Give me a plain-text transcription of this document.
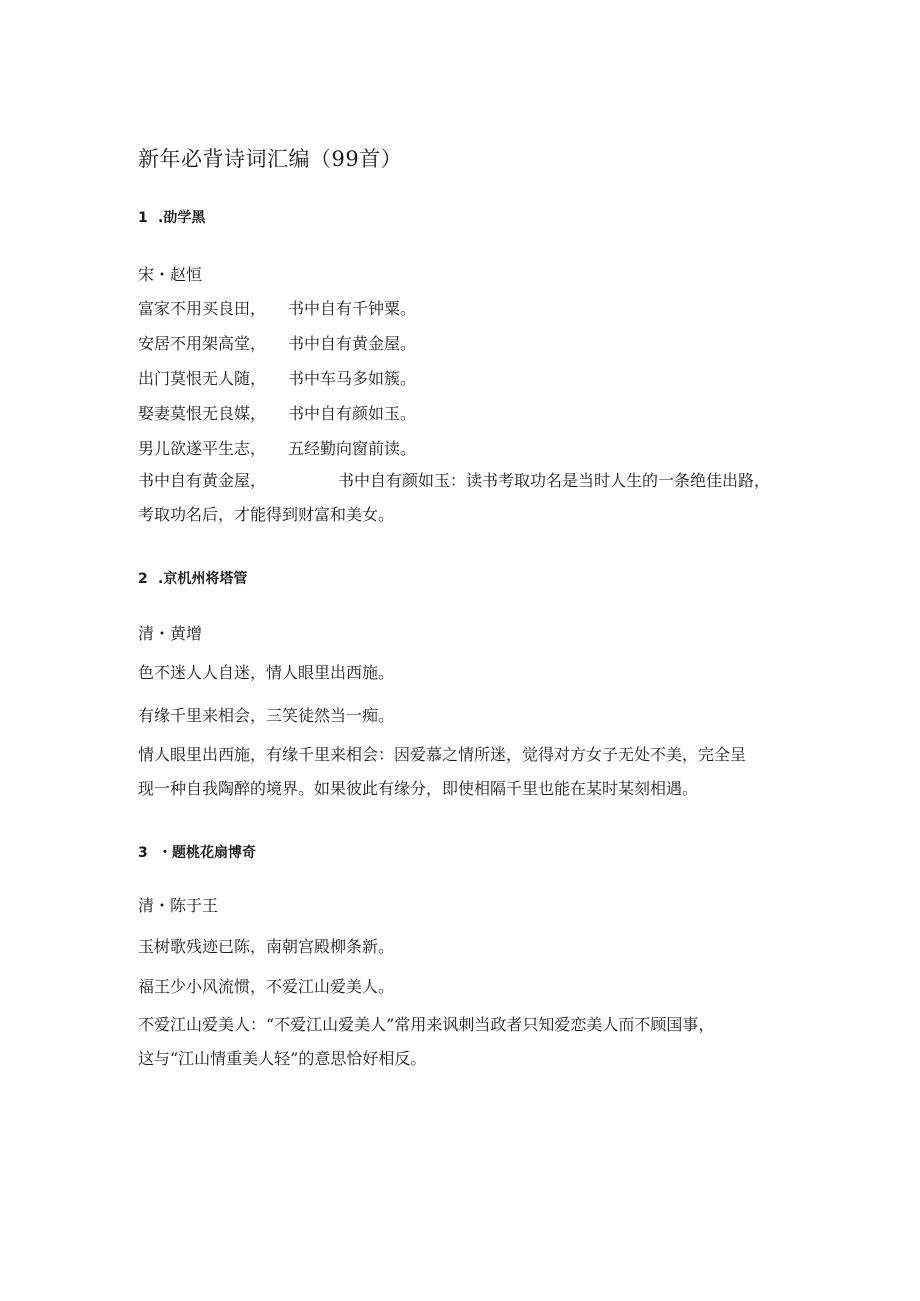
新年必背诗词汇编（99首）
1 .劭学黑
宋・赵恒
富家不用买良田， 书中自有千钟粟。
安居不用架高堂， 书中自有黄金屋。
出门莫恨无人随， 书中车马多如簇。
娶妻莫恨无良媒， 书中自有颜如玉。
男儿欲遂平生志， 五经勤向窗前读。
书中自有黄金屋，	书中自有颜如玉：读书考取功名是当时人生的一条绝佳出路，
考取功名后，才能得到财富和美女。
2 .京机州将塔管
清・黄增
色不迷人人自迷，情人眼里出西施。
有缘千里来相会，三笑徒然当一痴。
情人眼里出西施，有缘千里来相会：因爱慕之情所迷，觉得对方女子无处不美，完全呈
现一种自我陶醉的境界。如果彼此有缘分，即使相隔千里也能在某时某刻相遇。
3 ・题桃花扇博奇
清・陈于王
玉树歌残迹已陈，南朝宫殿柳条新。
福王少小风流惯，不爱江山爱美人。
不爱江山爱美人：“不爱江山爱美人”常用来讽刺当政者只知爱恋美人而不顾国事，
这与“江山情重美人轻”的意思恰好相反。
